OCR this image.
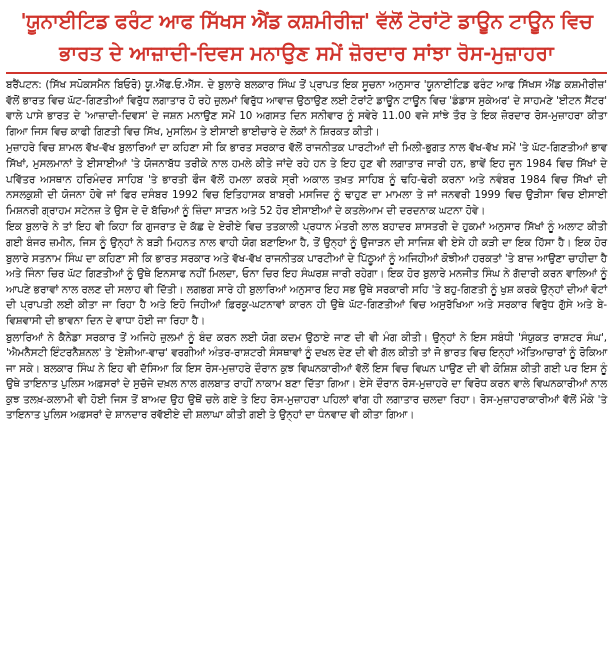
'ਯੂਨਾਈਟਿਡ ਫਰੰਟ ਆਫ ਸਿੱਖਸ ਐਂਡ ਕਸ਼ਮੀਰੀਜ਼' ਵੱਲੋਂ ਟੋਰਾਂਟੋ ਡਾਊਨ ਟਾਊਨ ਵਿਚ
ਭਾਰਤ ਦੇ ਆਜ਼ਾਦੀ-ਦਿਵਸ ਮਨਾਉਣ ਸਮੇਂ ਜ਼ੋਰਦਾਰ ਸਾਂਝਾ ਰੋਸ-ਮੁਜ਼ਾਹਰਾ

ਬਰੈਂਪਟਨ: (ਸਿੱਖ ਸਪੋਕਸਮੈਨ ਬਿਓਰੋ) ਯੂ.ਐੱਫ.ਓ.ਐੱਸ. ਦੇ ਬੁਲਾਰੇ ਬਲਕਾਰ ਸਿੰਘ ਤੋਂ ਪ੍ਰਾਪਤ ਇਕ ਸੂਚਨਾ ਅਨੁਸਾਰ 'ਯੂਨਾਈਟਿਡ ਫਰੰਟ ਆਫ ਸਿੱਖਸ ਐਂਡ ਕਸ਼ਮੀਰੀਜ਼' ਵੱਲੋਂ ਭਾਰਤ ਵਿਚ ਘੱਟ-ਗਿਣਤੀਆਂ ਵਿਰੁੱਧ ਲਗਾਤਾਰ ਹੋ ਰਹੇ ਜ਼ੁਲਮਾਂ ਵਿਰੁੱਧ ਆਵਾਜ਼ ਉਠਾਉਣ ਲਈ ਟੋਰਾਂਟੋ ਡਾਊਨ ਟਾਊਨ ਵਿਚ 'ਡੰਡਾਸ ਸੁਕੇਅਰ' ਦੇ ਸਾਹਮਣੇ 'ਈਟਨ ਸੈਂਟਰ' ਵਾਲੇ ਪਾਸੇ ਭਾਰਤ ਦੇ 'ਆਜ਼ਾਦੀ-ਦਿਵਸ' ਦੇ ਜਸ਼ਨ ਮਨਾਉਣ ਸਮੇਂ 10 ਅਗਸਤ ਦਿਨ ਸਨੀਵਾਰ ਨੂੰ ਸਵੇਰੇ 11.00 ਵਜੇ ਸਾਂਝੇ ਤੌਰ ਤੇ ਇਕ ਜ਼ੋਰਦਾਰ ਰੋਸ-ਮੁਜ਼ਾਹਰਾ ਕੀਤਾ ਗਿਆ ਜਿਸ ਵਿਚ ਕਾਫੀ ਗਿਣਤੀ ਵਿਚ ਸਿੱਖ, ਮੁਸਲਿਮ ਤੇ ਈਸਾਈ ਭਾਈਚਾਰੇ ਦੇ ਲੋਕਾਂ ਨੇ ਸ਼ਿਰਕਤ ਕੀਤੀ।

ਮੁਜ਼ਾਹਰੇ ਵਿਚ ਸ਼ਾਮਲ ਵੱਖ-ਵੱਖ ਬੁਲਾਰਿਆਂ ਦਾ ਕਹਿਣਾ ਸੀ ਕਿ ਭਾਰਤ ਸਰਕਾਰ ਵੱਲੋਂ ਰਾਜਨੀਤਕ ਪਾਰਟੀਆਂ ਦੀ ਮਿਲੀ-ਭੁਗਤ ਨਾਲ ਵੱਖ-ਵੱਖ ਸਮੇਂ 'ਤੇ ਘੱਟ-ਗਿਣਤੀਆਂ ਭਾਵ ਸਿੱਖਾਂ, ਮੁਸਲਮਾਨਾਂ ਤੇ ਈਸਾਈਆਂ 'ਤੇ ਯੋਜਨਾਬੱਧ ਤਰੀਕੇ ਨਾਲ ਹਮਲੇ ਕੀਤੇ ਜਾਂਦੇ ਰਹੇ ਹਨ ਤੇ ਇਹ ਹੁਣ ਵੀ ਲਗਾਤਾਰ ਜਾਰੀ ਹਨ, ਭਾਵੇਂ ਇਹ ਜੂਨ 1984 ਵਿਚ ਸਿੱਖਾਂ ਦੇ ਪਵਿੱਤਰ ਅਸਥਾਨ ਹਰਿਮੰਦਰ ਸਾਹਿਬ 'ਤੇ ਭਾਰਤੀ ਫੌਜ ਵੱਲੋਂ ਹਮਲਾ ਕਰਕੇ ਸ੍ਰੀ ਅਕਾਲ ਤਖ਼ਤ ਸਾਹਿਬ ਨੂੰ ਢਹਿ-ਢੇਰੀ ਕਰਨਾ ਅਤੇ ਨਵੰਬਰ 1984 ਵਿਚ ਸਿੱਖਾਂ ਦੀ ਨਸਲਕੁਸ਼ੀ ਦੀ ਯੋਜਨਾ ਹੋਵੇ ਜਾਂ ਫਿਰ ਦਸੰਬਰ 1992 ਵਿਚ ਇਤਿਹਾਸਕ ਬਾਬਰੀ ਮਸਜਿਦ ਨੂੰ ਢਾਹੁਣ ਦਾ ਮਾਮਲਾ ਤੇ ਜਾਂ ਜਨਵਰੀ 1999 ਵਿਚ ਉੜੀਸਾ ਵਿਚ ਈਸਾਈ ਮਿਸ਼ਨਰੀ ਗ੍ਰਾਹਮ ਸਟੇਨਜ਼ ਤੇ ਉਸ ਦੇ ਦੋ ਬੱਚਿਆਂ ਨੂੰ ਜ਼ਿੰਦਾ ਸਾੜਨ ਅਤੇ 52 ਹੋਰ ਈਸਾਈਆਂ ਦੇ ਕਤਲੇਆਮ ਦੀ ਦਰਦਨਾਕ ਘਟਨਾ ਹੋਵੇ।

ਇਕ ਬੁਲਾਰੇ ਨੇ ਤਾਂ ਇਹ ਵੀ ਕਿਹਾ ਕਿ ਗੁਜਰਾਤ ਦੇ ਕੱਛ ਦੇ ਏਰੀਏ ਵਿਚ ਤਤਕਾਲੀ ਪ੍ਰਧਾਨ ਮੰਤਰੀ ਲਾਲ ਬਹਾਦਰ ਸ਼ਾਸਤਰੀ ਦੇ ਹੁਕਮਾਂ ਅਨੁਸਾਰ ਸਿੱਖਾਂ ਨੂੰ ਅਲਾਟ ਕੀਤੀ ਗਈ ਬੰਜਰ ਜ਼ਮੀਨ, ਜਿਸ ਨੂੰ ਉਨ੍ਹਾਂ ਨੇ ਬੜੀ ਮਿਹਨਤ ਨਾਲ ਵਾਹੀ ਯੋਗ ਬਣਾਇਆ ਹੈ, ਤੋਂ ਉਨ੍ਹਾਂ ਨੂੰ ਉਜਾੜਨ ਦੀ ਸਾਜਿਸ਼ ਵੀ ਏਸੇ ਹੀ ਕੜੀ ਦਾ ਇਕ ਹਿੱਸਾ ਹੈ। ਇਕ ਹੋਰ ਬੁਲਾਰੇ ਸਤਨਾਮ ਸਿੰਘ ਦਾ ਕਹਿਣਾ ਸੀ ਕਿ ਭਾਰਤ ਸਰਕਾਰ ਅਤੇ ਵੱਖ-ਵੱਖ ਰਾਜਨੀਤਕ ਪਾਰਟੀਆਂ ਦੇ ਪਿੱਠੂਆਂ ਨੂੰ ਅਜਿਹੀਆਂ ਕੋਝੀਆਂ ਹਰਕਤਾਂ 'ਤੇ ਬਾਜ਼ ਆਉਣਾ ਚਾਹੀਦਾ ਹੈ ਅਤੇ ਜਿੰਨਾ ਚਿਰ ਘੱਟ ਗਿਣਤੀਆਂ ਨੂੰ ਉਥੇ ਇਨਸਾਫ ਨਹੀਂ ਮਿਲਦਾ, ਓਨਾ ਚਿਰ ਇਹ ਸੰਘਰਸ਼ ਜਾਰੀ ਰਹੇਗਾ। ਇਕ ਹੋਰ ਬੁਲਾਰੇ ਮਨਜੀਤ ਸਿੰਘ ਨੇ ਗੱਦਾਰੀ ਕਰਨ ਵਾਲਿਆਂ ਨੂੰ ਆਪਣੇ ਭਰਾਵਾਂ ਨਾਲ ਰਲਣ ਦੀ ਸਲਾਹ ਵੀ ਦਿੱਤੀ। ਲਗਭਗ ਸਾਰੇ ਹੀ ਬੁਲਾਰਿਆਂ ਅਨੁਸਾਰ ਇਹ ਸਭ ਉਥੇ ਸਰਕਾਰੀ ਸਹਿ 'ਤੇ ਬਹੁ-ਗਿਣਤੀ ਨੂੰ ਖੁਸ਼ ਕਰਕੇ ਉਨ੍ਹਾਂ ਦੀਆਂ ਵੋਟਾਂ ਦੀ ਪ੍ਰਾਪਤੀ ਲਈ ਕੀਤਾ ਜਾ ਰਿਹਾ ਹੈ ਅਤੇ ਇਹੋ ਜਿਹੀਆਂ ਫ਼ਿਰਕੂ-ਘਟਨਾਵਾਂ ਕਾਰਨ ਹੀ ਉਥੇ ਘੱਟ-ਗਿਣਤੀਆਂ ਵਿਚ ਅਸੁਰੱਖਿਆ ਅਤੇ ਸਰਕਾਰ ਵਿਰੁੱਧ ਗੁੱਸੇ ਅਤੇ ਬੇ-ਵਿਸ਼ਵਾਸੀ ਦੀ ਭਾਵਨਾ ਦਿਨ ਦੇ ਵਾਧਾ ਹੋਈ ਜਾ ਰਿਹਾ ਹੈ।

ਬੁਲਾਰਿਆਂ ਨੇ ਕੈਨੇਡਾ ਸਰਕਾਰ ਤੋਂ ਅਜਿਹੇ ਜ਼ੁਲਮਾਂ ਨੂੰ ਬੰਦ ਕਰਨ ਲਈ ਯੋਗ ਕਦਮ ਉਠਾਏ ਜਾਣ ਦੀ ਵੀ ਮੰਗ ਕੀਤੀ। ਉਨ੍ਹਾਂ ਨੇ ਇਸ ਸਬੰਧੀ 'ਸੰਯੁਕਤ ਰਾਸ਼ਟਰ ਸੰਘ', 'ਐਮਨੈਸਟੀ ਇੰਟਰਨੈਸ਼ਨਲ' ਤੇ 'ਏਸ਼ੀਆ-ਵਾਚ' ਵਰਗੀਆਂ ਅੰਤਰ-ਰਾਸ਼ਟਰੀ ਸੰਸਥਾਵਾਂ ਨੂੰ ਦਖਲ ਦੇਣ ਦੀ ਵੀ ਗੱਲ ਕੀਤੀ ਤਾਂ ਜੋ ਭਾਰਤ ਵਿਚ ਇਨ੍ਹਾਂ ਅੱਤਿਆਚਾਰਾਂ ਨੂੰ ਰੋਕਿਆ ਜਾ ਸਕੇ। ਬਲਕਾਰ ਸਿੰਘ ਨੇ ਇਹ ਵੀ ਦੱਸਿਆ ਕਿ ਇਸ ਰੋਸ-ਮੁਜ਼ਾਹਰੇ ਦੌਰਾਨ ਕੁਝ ਵਿਘਨਕਾਰੀਆਂ ਵੱਲੋਂ ਇਸ ਵਿਚ ਵਿਘਨ ਪਾਉਣ ਦੀ ਵੀ ਕੋਸ਼ਿਸ਼ ਕੀਤੀ ਗਈ ਪਰ ਇਸ ਨੂੰ ਉਥੇ ਤਾਇਨਾਤ ਪੁਲਿਸ ਅਫ਼ਸਰਾਂ ਦੇ ਸੁਚੱਜੇ ਦਖ਼ਲ ਨਾਲ ਗਲਬਾਤ ਰਾਹੀਂ ਨਾਕਾਮ ਬਣਾ ਦਿੱਤਾ ਗਿਆ। ਏਸੇ ਦੌਰਾਨ ਰੋਸ-ਮੁਜ਼ਾਹਰੇ ਦਾ ਵਿਰੋਧ ਕਰਨ ਵਾਲੇ ਵਿਘਨਕਾਰੀਆਂ ਨਾਲ ਕੁਝ ਤਲਖ਼-ਕਲਾਮੀ ਵੀ ਹੋਈ ਜਿਸ ਤੋਂ ਬਾਅਦ ਉਹ ਉਥੋਂ ਚਲੇ ਗਏ ਤੇ ਇਹ ਰੋਸ-ਮੁਜ਼ਾਹਰਾ ਪਹਿਲਾਂ ਵਾਂਗ ਹੀ ਲਗਾਤਾਰ ਚਲਦਾ ਰਿਹਾ। ਰੋਸ-ਮੁਜ਼ਾਹਰਾਕਾਰੀਆਂ ਵੱਲੋਂ ਮੌਕੇ 'ਤੇ ਤਾਇਨਾਤ ਪੁਲਿਸ ਅਫ਼ਸਰਾਂ ਦੇ ਸ਼ਾਨਦਾਰ ਰਵੱਈਏ ਦੀ ਸ਼ਲਾਘਾ ਕੀਤੀ ਗਈ ਤੇ ਉਨ੍ਹਾਂ ਦਾ ਧੰਨਵਾਦ ਵੀ ਕੀਤਾ ਗਿਆ।
